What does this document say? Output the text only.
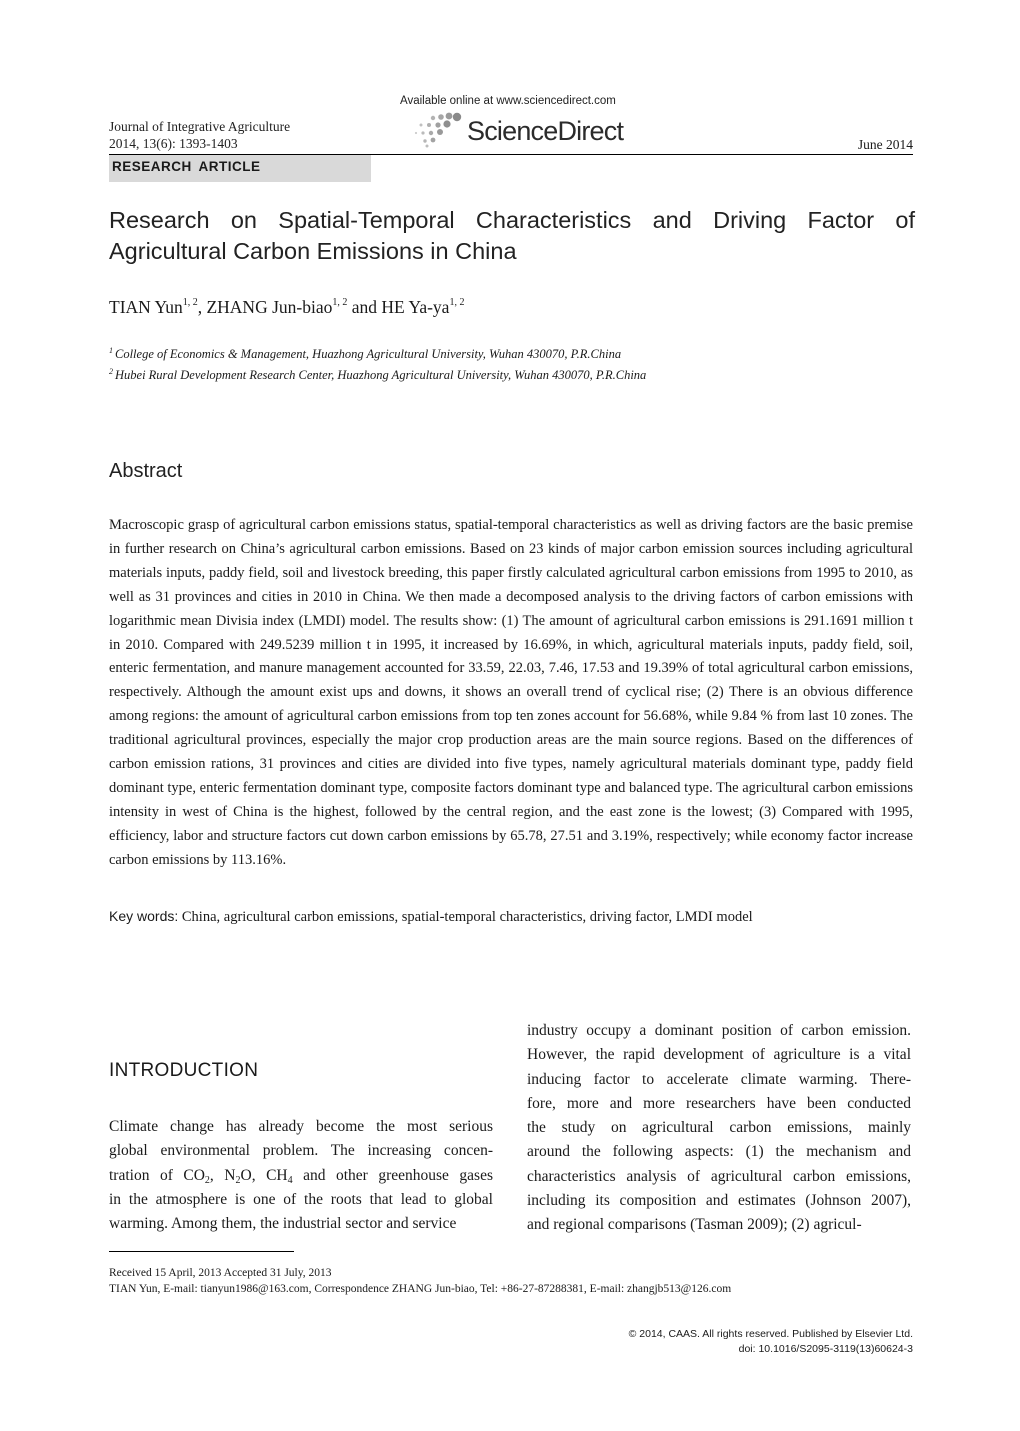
Available online at www.sciencedirect.com
ScienceDirect
Journal of Integrative Agriculture
2014, 13(6): 1393-1403	June 2014
RESEARCH ARTICLE
Research on Spatial-Temporal Characteristics and Driving Factor of Agricultural Carbon Emissions in China
TIAN Yun$^{1, 2}$, ZHANG Jun-biao$^{1, 2}$ and HE Ya-ya$^{1, 2}$
$^1$ College of Economics & Management, Huazhong Agricultural University, Wuhan 430070, P.R.China
$^2$ Hubei Rural Development Research Center, Huazhong Agricultural University, Wuhan 430070, P.R.China
Abstract

Macroscopic grasp of agricultural carbon emissions status, spatial-temporal characteristics as well as driving factors are the basic premise in further research on China’s agricultural carbon emissions. Based on 23 kinds of major carbon emission sources including agricultural materials inputs, paddy field, soil and livestock breeding, this paper firstly calculated agricultural carbon emissions from 1995 to 2010, as well as 31 provinces and cities in 2010 in China. We then made a decomposed analysis to the driving factors of carbon emissions with logarithmic mean Divisia index (LMDI) model. The results show: (1) The amount of agricultural carbon emissions is 291.1691 million t in 2010. Compared with 249.5239 million t in 1995, it increased by 16.69%, in which, agricultural materials inputs, paddy field, soil, enteric fermentation, and manure management accounted for 33.59, 22.03, 7.46, 17.53 and 19.39% of total agricultural carbon emissions, respectively. Although the amount exist ups and downs, it shows an overall trend of cyclical rise; (2) There is an obvious difference among regions: the amount of agricultural carbon emissions from top ten zones account for 56.68%, while 9.84 % from last 10 zones. The traditional agricultural provinces, especially the major crop production areas are the main source regions. Based on the differences of carbon emission rations, 31 provinces and cities are divided into five types, namely agricultural materials dominant type, paddy field dominant type, enteric fermentation dominant type, composite factors dominant type and balanced type. The agricultural carbon emissions intensity in west of China is the highest, followed by the central region, and the east zone is the lowest; (3) Compared with 1995, efficiency, labor and structure factors cut down carbon emissions by 65.78, 27.51 and 3.19%, respectively; while economy factor increase carbon emissions by 113.16%.

Key words: China, agricultural carbon emissions, spatial-temporal characteristics, driving factor, LMDI model
INTRODUCTION
Climate change has already become the most serious
global environmental problem. The increasing concen-
tration of $CO_2$, $N_2O$, $CH_4$ and other greenhouse gases
in the atmosphere is one of the roots that lead to global
warming. Among them, the industrial sector and service
industry occupy a dominant position of carbon emission.
However, the rapid development of agriculture is a vital
inducing factor to accelerate climate warming. There-
fore, more and more researchers have been conducted
the study on agricultural carbon emissions, mainly
around the following aspects: (1) the mechanism and
characteristics analysis of agricultural carbon emissions,
including its composition and estimates (Johnson 2007),
and regional comparisons (Tasman 2009); (2) agricul-
Received 15 April, 2013 Accepted 31 July, 2013
TIAN Yun, E-mail: tianyun1986@163.com, Correspondence ZHANG Jun-biao, Tel: +86-27-87288381, E-mail: zhangjb513@126.com
© 2014, CAAS. All rights reserved. Published by Elsevier Ltd.
doi: 10.1016/S2095-3119(13)60624-3
